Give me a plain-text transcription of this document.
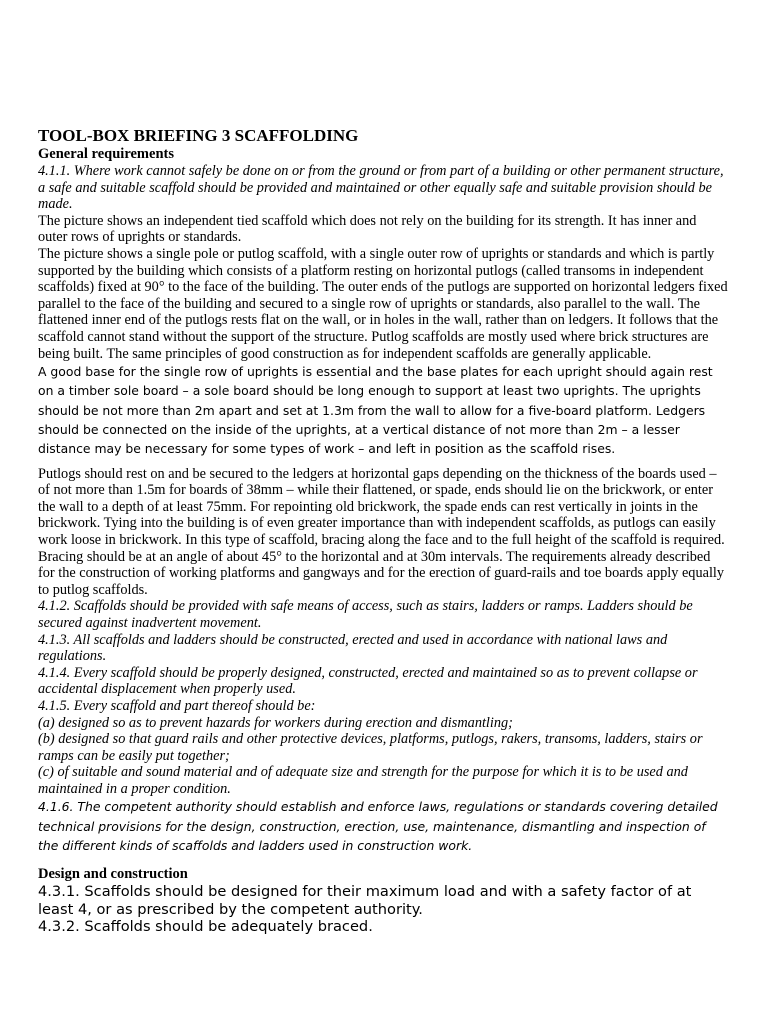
TOOL-BOX BRIEFING 3 SCAFFOLDING

General requirements

4.1.1. Where work cannot safely be done on or from the ground or from part of a building or other permanent structure, a safe and suitable scaffold should be provided and maintained or other equally safe and suitable provision should be made.

The picture shows an independent tied scaffold which does not rely on the building for its strength. It has inner and outer rows of uprights or standards.

The picture shows a single pole or putlog scaffold, with a single outer row of uprights or standards and which is partly supported by the building which consists of a platform resting on horizontal putlogs (called transoms in independent scaffolds) fixed at 90° to the face of the building. The outer ends of the putlogs are supported on horizontal ledgers fixed parallel to the face of the building and secured to a single row of uprights or standards, also parallel to the wall. The flattened inner end of the putlogs rests flat on the wall, or in holes in the wall, rather than on ledgers. It follows that the scaffold cannot stand without the support of the structure. Putlog scaffolds are mostly used where brick structures are being built. The same principles of good construction as for independent scaffolds are generally applicable.

A good base for the single row of uprights is essential and the base plates for each upright should again rest on a timber sole board – a sole board should be long enough to support at least two uprights. The uprights should be not more than 2m apart and set at 1.3m from the wall to allow for a five-board platform. Ledgers should be connected on the inside of the uprights, at a vertical distance of not more than 2m – a lesser distance may be necessary for some types of work – and left in position as the scaffold rises.

Putlogs should rest on and be secured to the ledgers at horizontal gaps depending on the thickness of the boards used – of not more than 1.5m for boards of 38mm – while their flattened, or spade, ends should lie on the brickwork, or enter the wall to a depth of at least 75mm. For repointing old brickwork, the spade ends can rest vertically in joints in the brickwork. Tying into the building is of even greater importance than with independent scaffolds, as putlogs can easily work loose in brickwork. In this type of scaffold, bracing along the face and to the full height of the scaffold is required. Bracing should be at an angle of about 45° to the horizontal and at 30m intervals. The requirements already described for the construction of working platforms and gangways and for the erection of guard-rails and toe boards apply equally to putlog scaffolds.

4.1.2. Scaffolds should be provided with safe means of access, such as stairs, ladders or ramps. Ladders should be secured against inadvertent movement.

4.1.3. All scaffolds and ladders should be constructed, erected and used in accordance with national laws and regulations.

4.1.4. Every scaffold should be properly designed, constructed, erected and maintained so as to prevent collapse or accidental displacement when properly used.

4.1.5. Every scaffold and part thereof should be:

(a) designed so as to prevent hazards for workers during erection and dismantling;

(b) designed so that guard rails and other protective devices, platforms, putlogs, rakers, transoms, ladders, stairs or ramps can be easily put together;

(c) of suitable and sound material and of adequate size and strength for the purpose for which it is to be used and maintained in a proper condition.

4.1.6. The competent authority should establish and enforce laws, regulations or standards covering detailed technical provisions for the design, construction, erection, use, maintenance, dismantling and inspection of the different kinds of scaffolds and ladders used in construction work.

Design and construction

4.3.1. Scaffolds should be designed for their maximum load and with a safety factor of at least 4, or as prescribed by the competent authority.

4.3.2. Scaffolds should be adequately braced.
